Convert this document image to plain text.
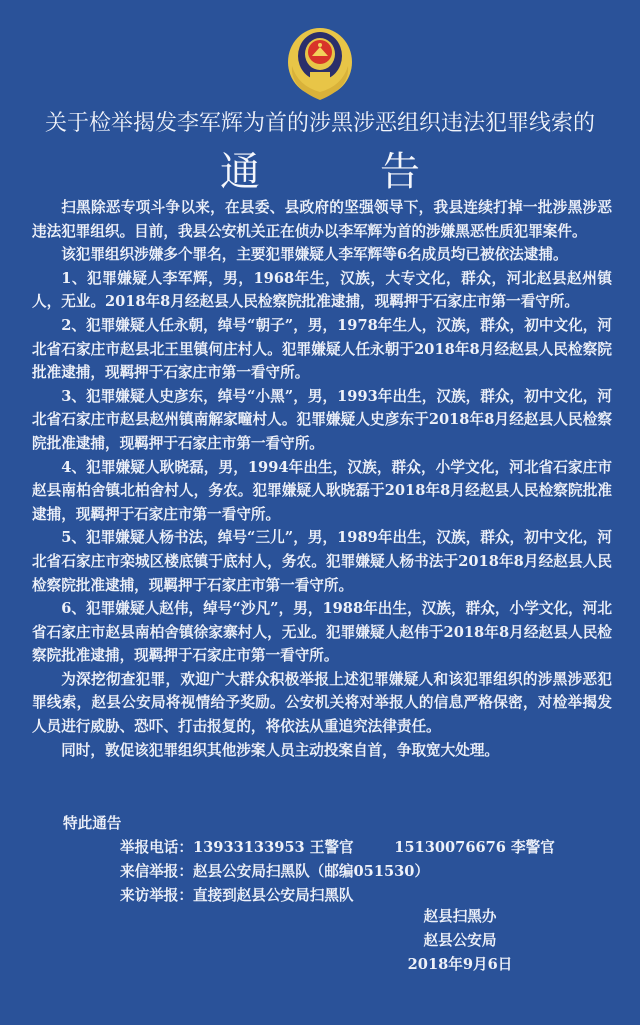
关于检举揭发李军辉为首的涉黑涉恶组织违法犯罪线索的
通	告

扫黑除恶专项斗争以来，在县委、县政府的坚强领导下，我县连续打掉一批涉黑涉恶违法犯罪组织。目前，我县公安机关正在侦办以李军辉为首的涉嫌黑恶性质犯罪案件。

该犯罪组织涉嫌多个罪名，主要犯罪嫌疑人李军辉等6名成员均已被依法逮捕。

1、犯罪嫌疑人李军辉，男，1968年生，汉族，大专文化，群众，河北赵县赵州镇人，无业。2018年8月经赵县人民检察院批准逮捕，现羁押于石家庄市第一看守所。

2、犯罪嫌疑人任永朝，绰号“朝子”，男，1978年生人，汉族，群众，初中文化，河北省石家庄市赵县北王里镇何庄村人。犯罪嫌疑人任永朝于2018年8月经赵县人民检察院批准逮捕，现羁押于石家庄市第一看守所。

3、犯罪嫌疑人史彦东，绰号“小黑”，男，1993年出生，汉族，群众，初中文化，河北省石家庄市赵县赵州镇南解家疃村人。犯罪嫌疑人史彦东于2018年8月经赵县人民检察院批准逮捕，现羁押于石家庄市第一看守所。

4、犯罪嫌疑人耿晓磊，男，1994年出生，汉族，群众，小学文化，河北省石家庄市赵县南柏舍镇北柏舍村人，务农。犯罪嫌疑人耿晓磊于2018年8月经赵县人民检察院批准逮捕，现羁押于石家庄市第一看守所。

5、犯罪嫌疑人杨书法，绰号“三儿”，男，1989年出生，汉族，群众，初中文化，河北省石家庄市栾城区楼底镇于底村人，务农。犯罪嫌疑人杨书法于2018年8月经赵县人民检察院批准逮捕，现羁押于石家庄市第一看守所。

6、犯罪嫌疑人赵伟，绰号“沙凡”，男，1988年出生，汉族，群众，小学文化，河北省石家庄市赵县南柏舍镇徐家寨村人，无业。犯罪嫌疑人赵伟于2018年8月经赵县人民检察院批准逮捕，现羁押于石家庄市第一看守所。

为深挖彻查犯罪，欢迎广大群众积极举报上述犯罪嫌疑人和该犯罪组织的涉黑涉恶犯罪线索，赵县公安局将视情给予奖励。公安机关将对举报人的信息严格保密，对检举揭发人员进行威胁、恐吓、打击报复的，将依法从重追究法律责任。

同时，敦促该犯罪组织其他涉案人员主动投案自首，争取宽大处理。

特此通告
举报电话：13933133953 王警官	15130076676 李警官
来信举报：赵县公安局扫黑队（邮编051530）
来访举报：直接到赵县公安局扫黑队
赵县扫黑办
赵县公安局
2018年9月6日
